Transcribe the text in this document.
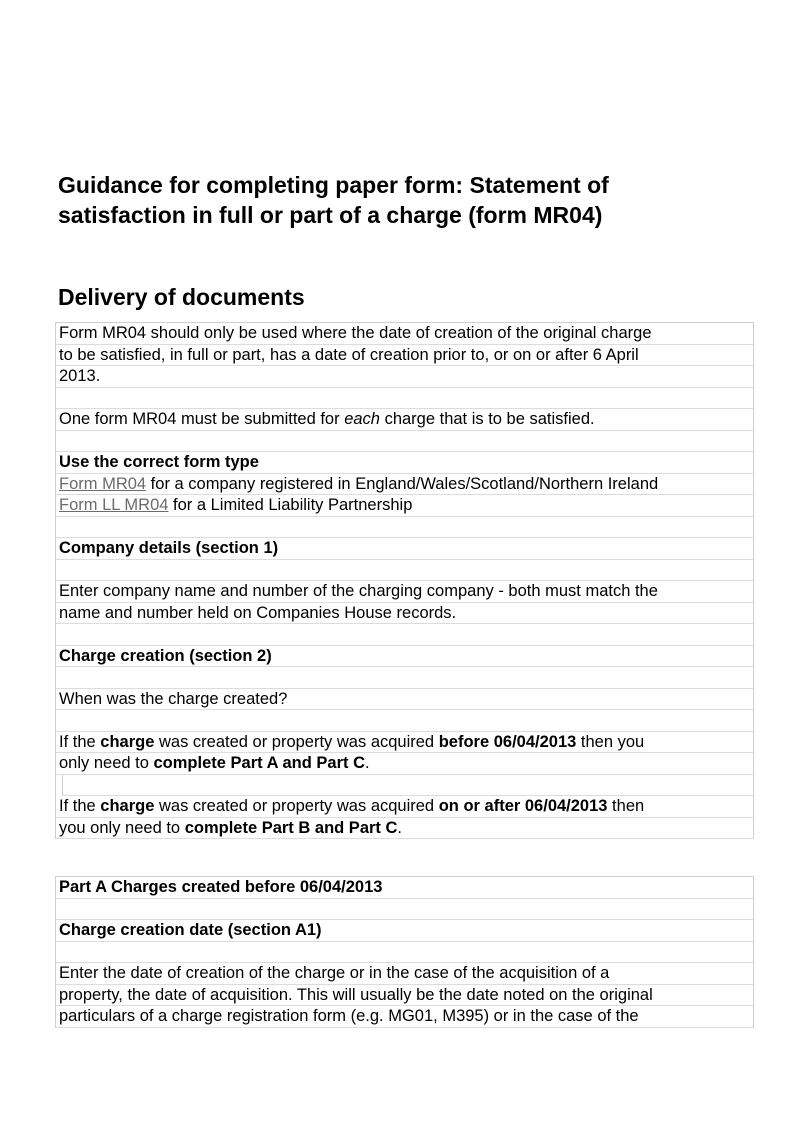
Guidance for completing paper form: Statement of
satisfaction in full or part of a charge (form MR04)
Delivery of documents
Form MR04 should only be used where the date of creation of the original charge
to be satisfied, in full or part, has a date of creation prior to, or on or after 6 April
2013.
One form MR04 must be submitted for each charge that is to be satisfied.
Use the correct form type
Form MR04 for a company registered in England/Wales/Scotland/Northern Ireland
Form LL MR04 for a Limited Liability Partnership
Company details (section 1)
Enter company name and number of the charging company - both must match the
name and number held on Companies House records.
Charge creation (section 2)
When was the charge created?
If the charge was created or property was acquired before 06/04/2013 then you
only need to complete Part A and Part C.
If the charge was created or property was acquired on or after 06/04/2013 then
you only need to complete Part B and Part C.
Part A Charges created before 06/04/2013
Charge creation date (section A1)
Enter the date of creation of the charge or in the case of the acquisition of a
property, the date of acquisition. This will usually be the date noted on the original
particulars of a charge registration form (e.g. MG01, M395) or in the case of the
